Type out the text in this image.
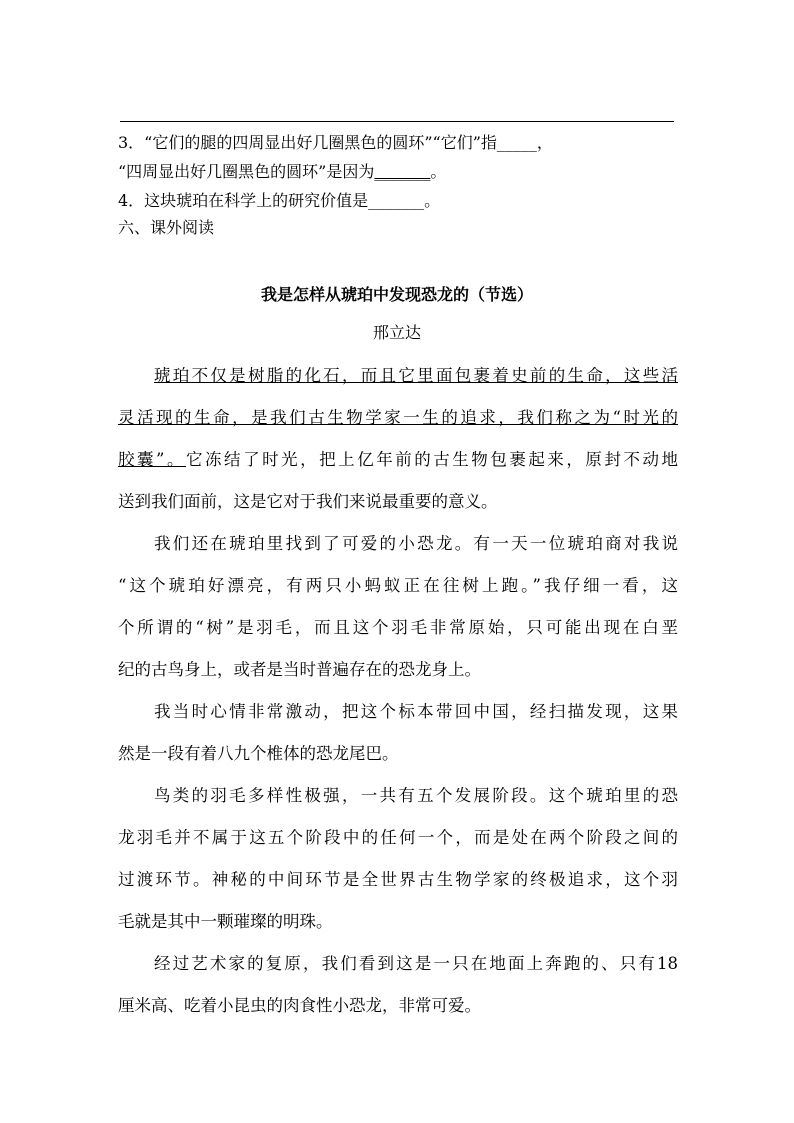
3．“它们的腿的四周显出好几圈黑色的圆环”“它们”指_____，
“四周显出好几圈黑色的圆环”是因为_______。
4．这块琥珀在科学上的研究价值是_______。
六、课外阅读
我是怎样从琥珀中发现恐龙的（节选）
邢立达
琥珀不仅是树脂的化石，而且它里面包裹着史前的生命，这些活
灵活现的生命，是我们古生物学家一生的追求，我们称之为“时光的
胶囊”。它冻结了时光，把上亿年前的古生物包裹起来，原封不动地
送到我们面前，这是它对于我们来说最重要的意义。
我们还在琥珀里找到了可爱的小恐龙。有一天一位琥珀商对我说
“这个琥珀好漂亮，有两只小蚂蚁正在往树上跑。”我仔细一看，这
个所谓的“树”是羽毛，而且这个羽毛非常原始，只可能出现在白垩
纪的古鸟身上，或者是当时普遍存在的恐龙身上。
我当时心情非常激动，把这个标本带回中国，经扫描发现，这果
然是一段有着八九个椎体的恐龙尾巴。
鸟类的羽毛多样性极强，一共有五个发展阶段。这个琥珀里的恐
龙羽毛并不属于这五个阶段中的任何一个，而是处在两个阶段之间的
过渡环节。神秘的中间环节是全世界古生物学家的终极追求，这个羽
毛就是其中一颗璀璨的明珠。
经过艺术家的复原，我们看到这是一只在地面上奔跑的、只有18
厘米高、吃着小昆虫的肉食性小恐龙，非常可爱。
